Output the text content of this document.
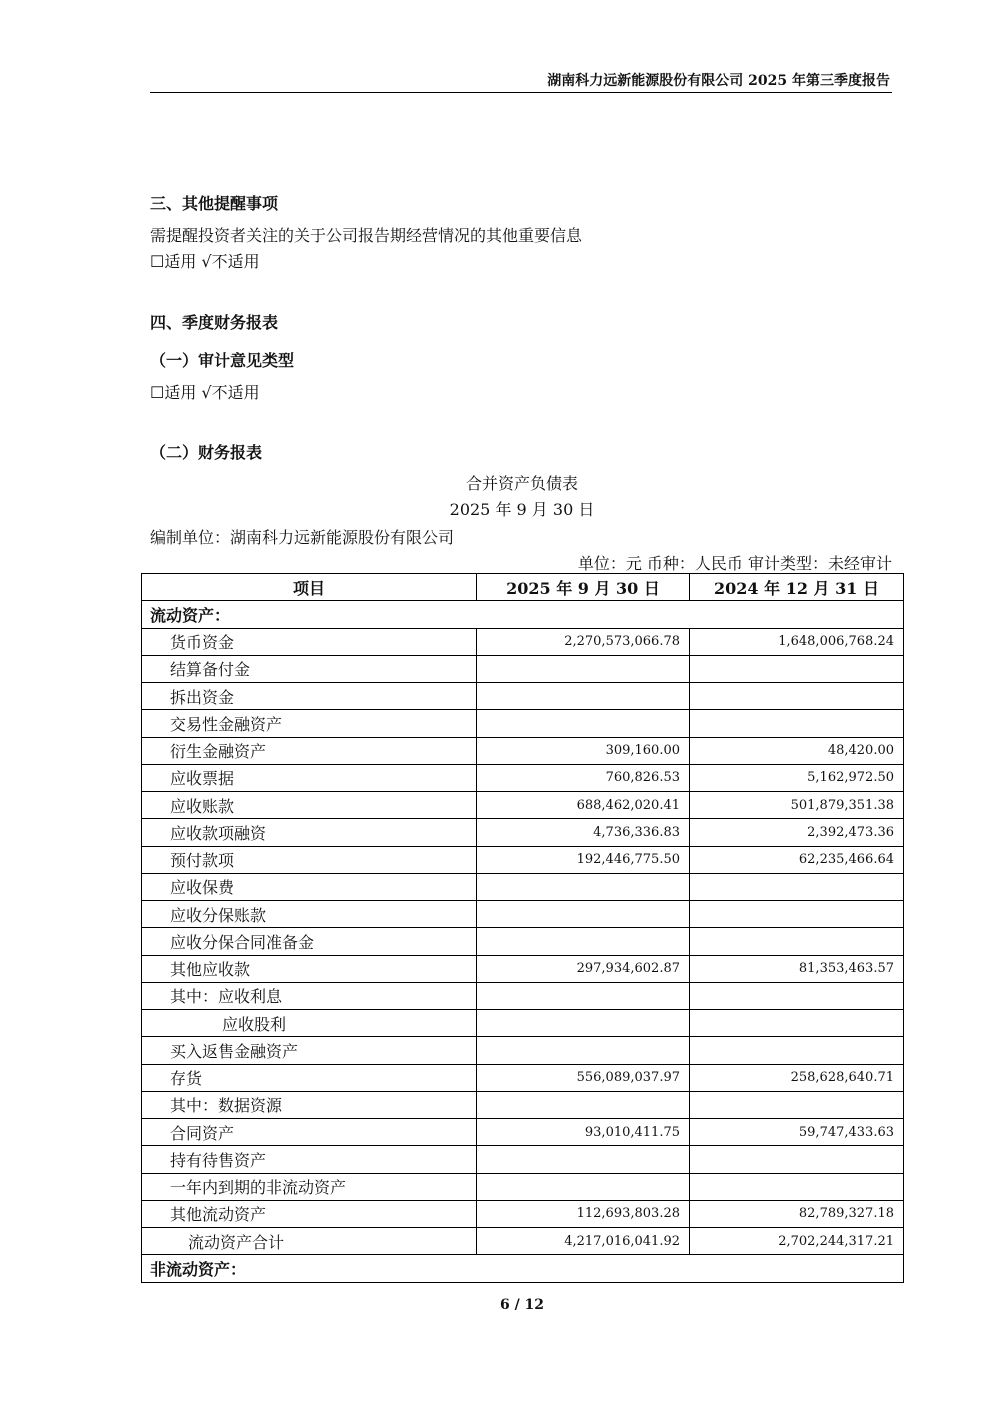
湖南科力远新能源股份有限公司 2025 年第三季度报告
三、其他提醒事项
需提醒投资者关注的关于公司报告期经营情况的其他重要信息
☐适用 √不适用
四、季度财务报表
（一）审计意见类型
☐适用 √不适用
（二）财务报表
合并资产负债表
2025 年 9 月 30 日
编制单位：湖南科力远新能源股份有限公司
单位：元 币种：人民币 审计类型：未经审计
项目	2025 年 9 月 30 日	2024 年 12 月 31 日
流动资产：		
货币资金	2,270,573,066.78	1,648,006,768.24
结算备付金		
拆出资金		
交易性金融资产		
衍生金融资产	309,160.00	48,420.00
应收票据	760,826.53	5,162,972.50
应收账款	688,462,020.41	501,879,351.38
应收款项融资	4,736,336.83	2,392,473.36
预付款项	192,446,775.50	62,235,466.64
应收保费		
应收分保账款		
应收分保合同准备金		
其他应收款	297,934,602.87	81,353,463.57
其中：应收利息		
应收股利		
买入返售金融资产		
存货	556,089,037.97	258,628,640.71
其中：数据资源		
合同资产	93,010,411.75	59,747,433.63
持有待售资产		
一年内到期的非流动资产		
其他流动资产	112,693,803.28	82,789,327.18
流动资产合计	4,217,016,041.92	2,702,244,317.21
非流动资产：		
6 / 12
